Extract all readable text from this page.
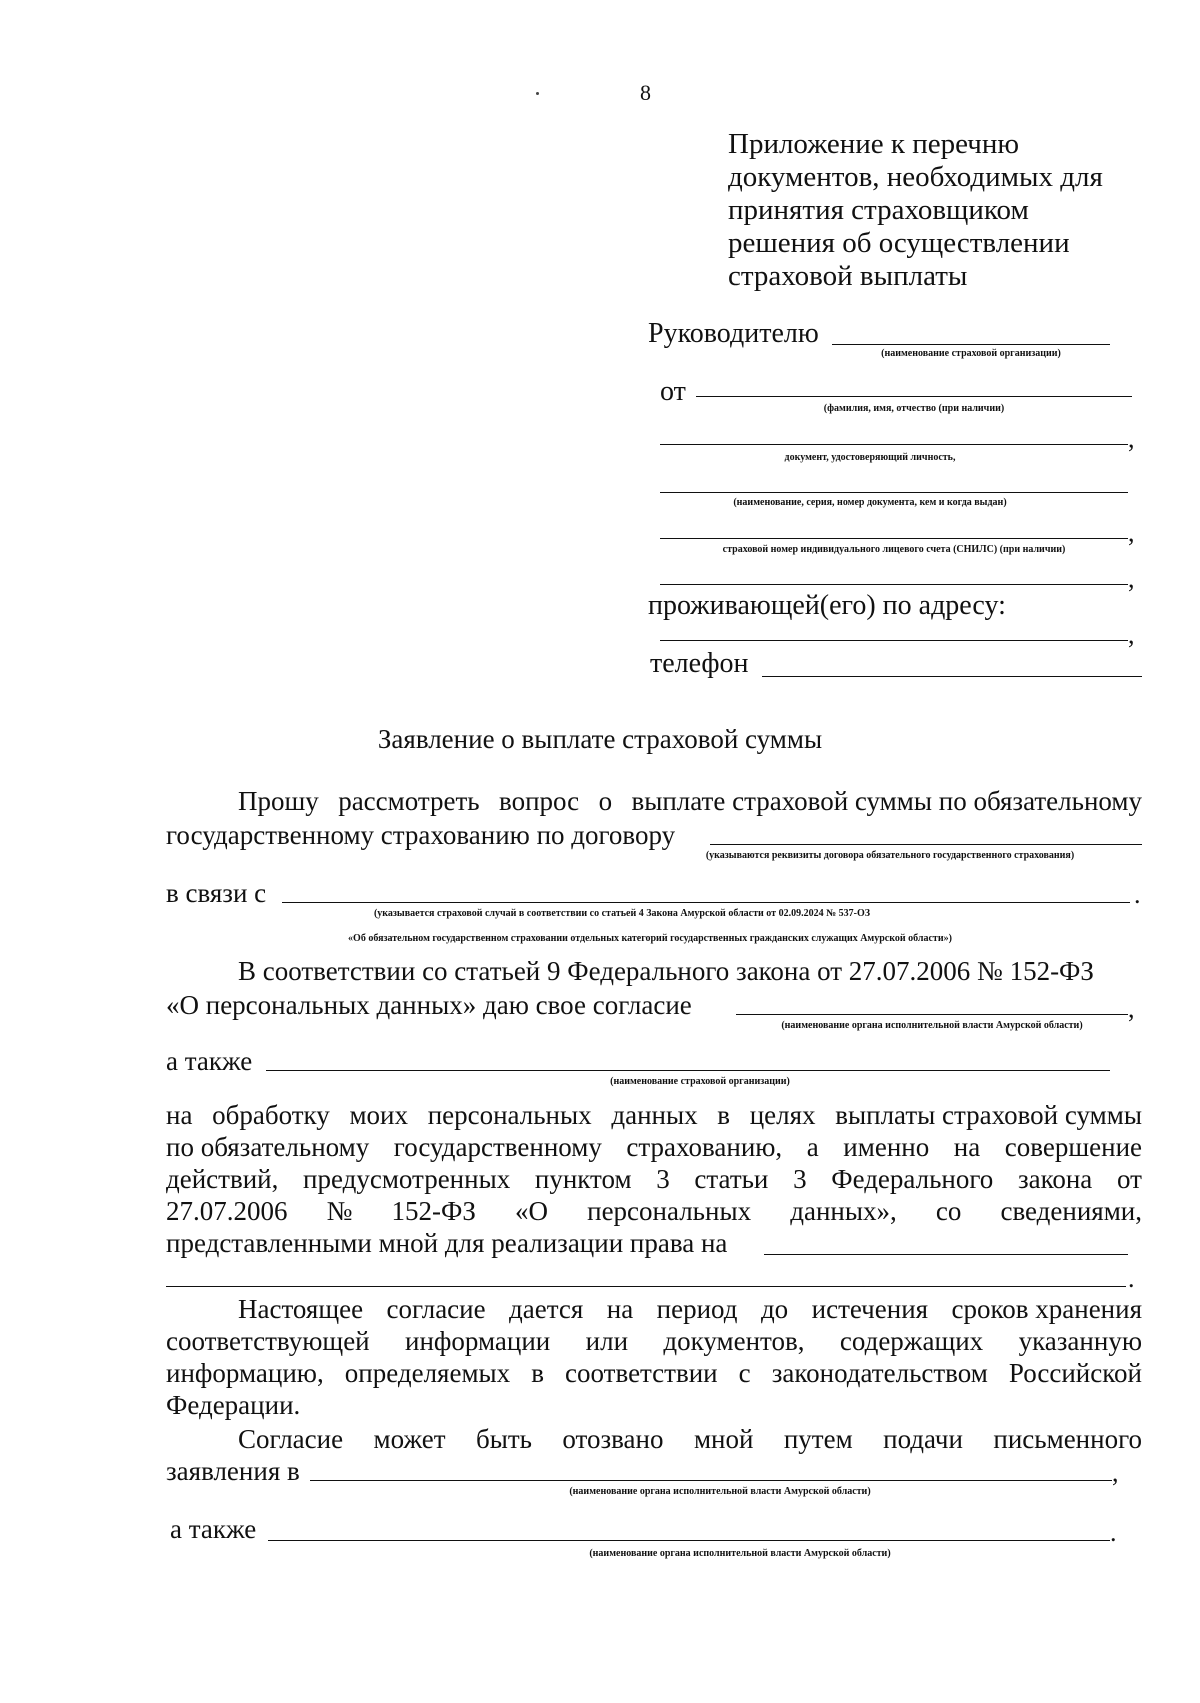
8
Приложение к перечню
документов, необходимых для
принятия страховщиком
решения об осуществлении
страховой выплаты
Руководителю
(наименование страховой организации)
от
(фамилия, имя, отчество (при наличии)
,
документ, удостоверяющий личность,
(наименование, серия, номер документа, кем и когда выдан)
,
страховой номер индивидуального лицевого счета (СНИЛС) (при наличии)
,
проживающей(его) по адресу:
,
телефон
Заявление о выплате страховой суммы
Прошу рассмотреть вопрос о выплате страховой суммы по обязательному
государственному страхованию по договору
(указываются реквизиты договора обязательного государственного страхования)
в связи с	.
(указывается страховой случай в соответствии со статьей 4 Закона Амурской области от 02.09.2024 № 537-ОЗ
«Об обязательном государственном страховании отдельных категорий государственных гражданских служащих Амурской области»)
В соответствии со статьей 9 Федерального закона от 27.07.2006 № 152-ФЗ
«О персональных данных» даю свое согласие	,
(наименование органа исполнительной власти Амурской области)
а также
(наименование страховой организации)
на обработку моих персональных данных в целях выплаты страховой суммы
по обязательному государственному страхованию, а именно на совершение
действий, предусмотренных пунктом 3 статьи 3 Федерального закона от
27.07.2006 № 152-ФЗ «О персональных данных», со сведениями,
представленными мной для реализации права на
.
Настоящее согласие дается на период до истечения сроков хранения
соответствующей информации или документов, содержащих указанную
информацию, определяемых в соответствии с законодательством Российской
Федерации.
Согласие может быть отозвано мной путем подачи письменного
заявления в	,
(наименование органа исполнительной власти Амурской области)
а также	.
(наименование органа исполнительной власти Амурской области)
